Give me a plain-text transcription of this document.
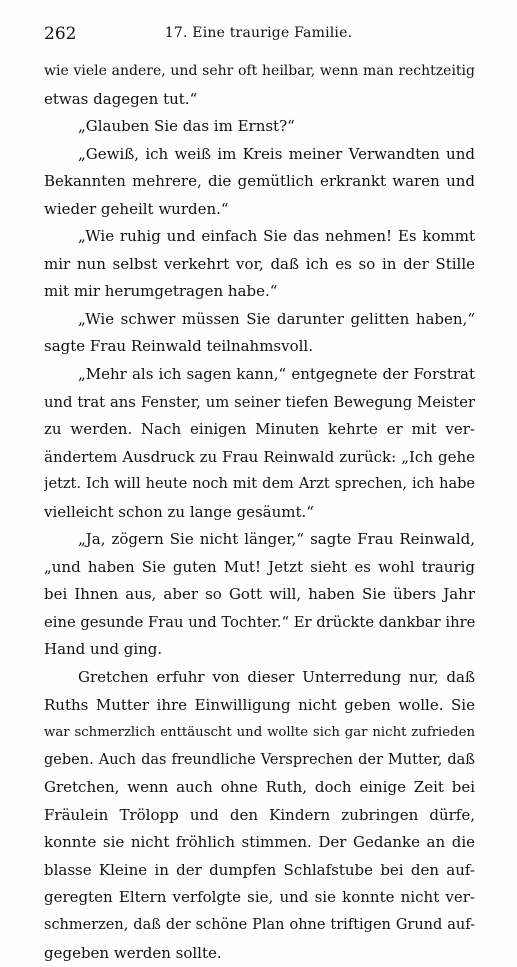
262	17. Eine traurige Familie.
wie viele andere, und sehr oft heilbar, wenn man rechtzeitig
etwas dagegen tut.“
„Glauben Sie das im Ernst?“
„Gewiß, ich weiß im Kreis meiner Verwandten und
Bekannten mehrere, die gemütlich erkrankt waren und
wieder geheilt wurden.“
„Wie ruhig und einfach Sie das nehmen! Es kommt
mir nun selbst verkehrt vor, daß ich es so in der Stille
mit mir herumgetragen habe.“
„Wie schwer müssen Sie darunter gelitten haben,“
sagte Frau Reinwald teilnahmsvoll.
„Mehr als ich sagen kann,“ entgegnete der Forstrat
und trat ans Fenster, um seiner tiefen Bewegung Meister
zu werden. Nach einigen Minuten kehrte er mit ver-
ändertem Ausdruck zu Frau Reinwald zurück: „Ich gehe
jetzt. Ich will heute noch mit dem Arzt sprechen, ich habe
vielleicht schon zu lange gesäumt.“
„Ja, zögern Sie nicht länger,“ sagte Frau Reinwald,
„und haben Sie guten Mut! Jetzt sieht es wohl traurig
bei Ihnen aus, aber so Gott will, haben Sie übers Jahr
eine gesunde Frau und Tochter.“ Er drückte dankbar ihre
Hand und ging.
Gretchen erfuhr von dieser Unterredung nur, daß
Ruths Mutter ihre Einwilligung nicht geben wolle. Sie
war schmerzlich enttäuscht und wollte sich gar nicht zufrieden
geben. Auch das freundliche Versprechen der Mutter, daß
Gretchen, wenn auch ohne Ruth, doch einige Zeit bei
Fräulein Trölopp und den Kindern zubringen dürfe,
konnte sie nicht fröhlich stimmen. Der Gedanke an die
blasse Kleine in der dumpfen Schlafstube bei den auf-
geregten Eltern verfolgte sie, und sie konnte nicht ver-
schmerzen, daß der schöne Plan ohne triftigen Grund auf-
gegeben werden sollte.
